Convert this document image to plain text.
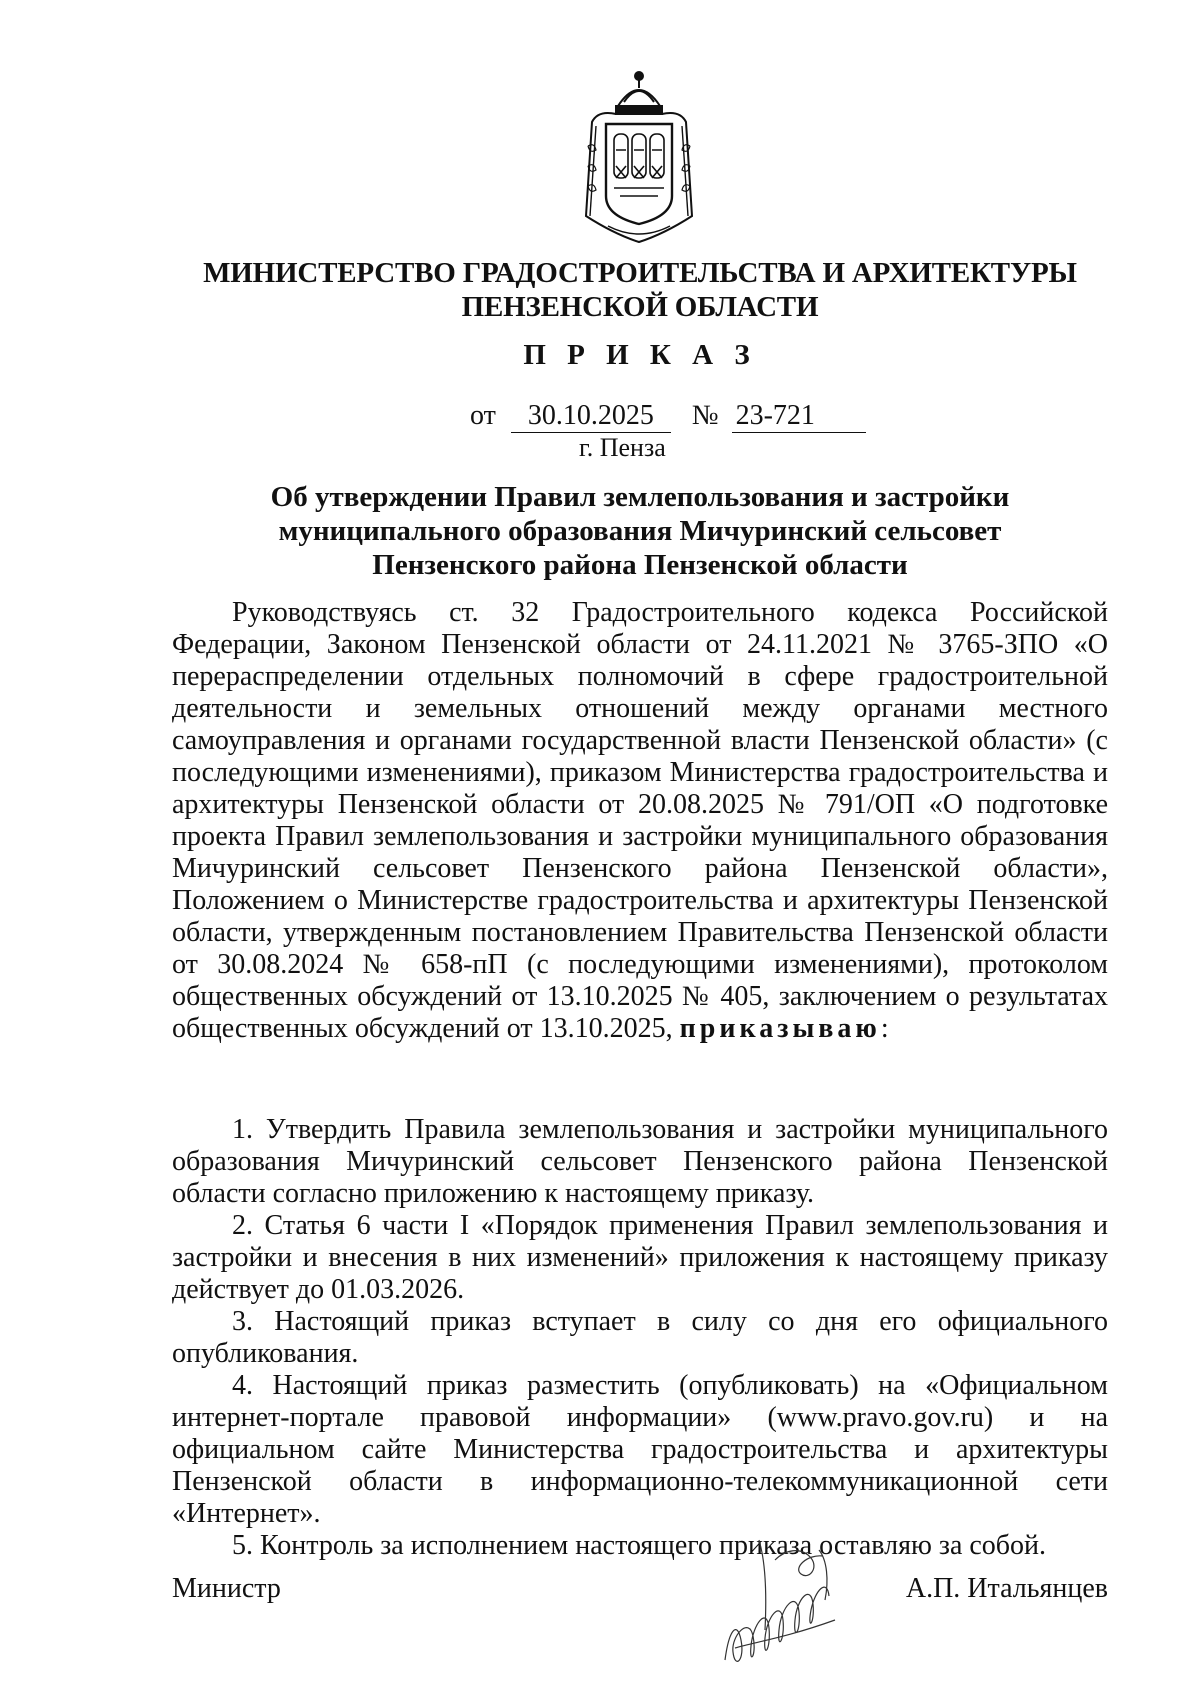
МИНИСТЕРСТВО ГРАДОСТРОИТЕЛЬСТВА И АРХИТЕКТУРЫ
ПЕНЗЕНСКОЙ ОБЛАСТИ
П Р И К А З
от 30.10.2025 № 23-721
г. Пенза
Об утверждении Правил землепользования и застройки
муниципального образования Мичуринский сельсовет
Пензенского района Пензенской области

Руководствуясь ст. 32 Градостроительного кодекса Российской Федерации, Законом Пензенской области от 24.11.2021 № 3765-ЗПО «О перераспределении отдельных полномочий в сфере градостроительной деятельности и земельных отношений между органами местного самоуправления и органами государственной власти Пензенской области» (с последующими изменениями), приказом Министерства градостроительства и архитектуры Пензенской области от 20.08.2025 № 791/ОП «О подготовке проекта Правил землепользования и застройки муниципального образования Мичуринский сельсовет Пензенского района Пензенской области», Положением о Министерстве градостроительства и архитектуры Пензенской области, утвержденным постановлением Правительства Пензенской области от 30.08.2024 № 658-пП (с последующими изменениями), протоколом общественных обсуждений от 13.10.2025 № 405, заключением о результатах общественных обсуждений от 13.10.2025, приказываю:

1. Утвердить Правила землепользования и застройки муниципального образования Мичуринский сельсовет Пензенского района Пензенской области согласно приложению к настоящему приказу.

2. Статья 6 части I «Порядок применения Правил землепользования и застройки и внесения в них изменений» приложения к настоящему приказу действует до 01.03.2026.

3. Настоящий приказ вступает в силу со дня его официального опубликования.

4. Настоящий приказ разместить (опубликовать) на «Официальном интернет-портале правовой информации» (www.pravo.gov.ru) и на официальном сайте Министерства градостроительства и архитектуры Пензенской области в информационно-телекоммуникационной сети «Интернет».

5. Контроль за исполнением настоящего приказа оставляю за собой.

Министр	А.П. Итальянцев
